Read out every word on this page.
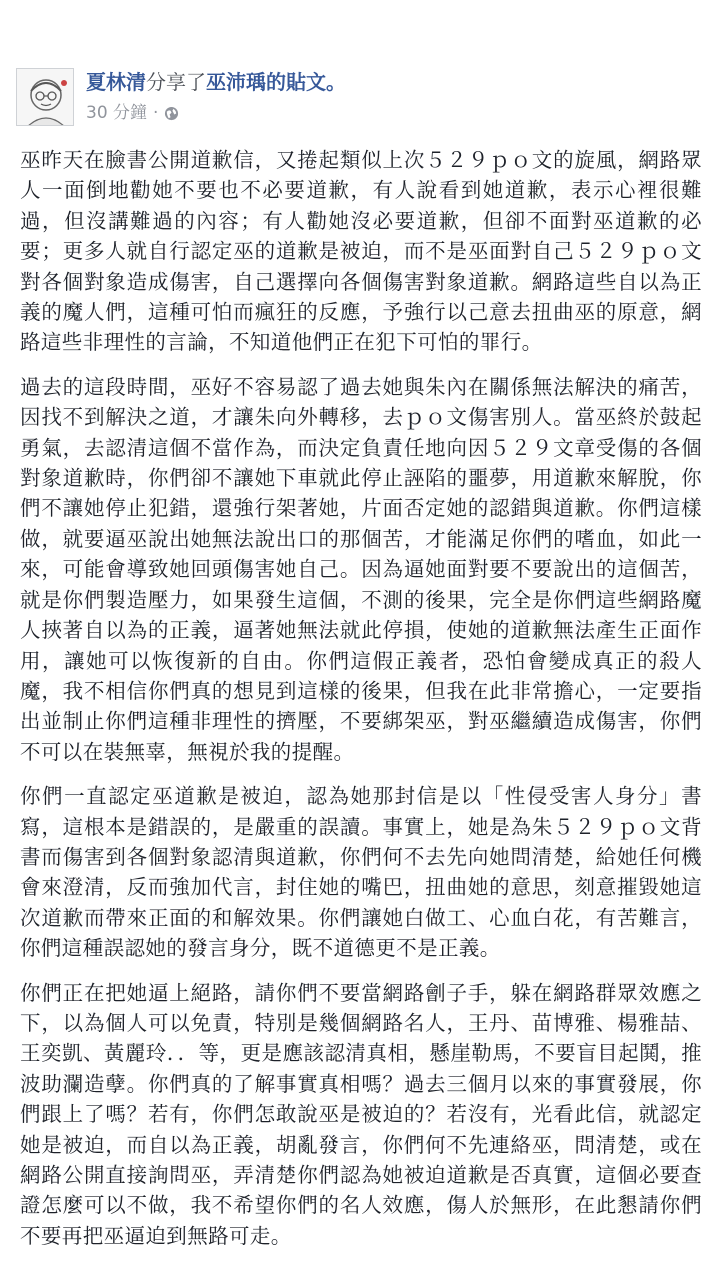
夏林清分享了巫沛瑀的貼文。
30 分鐘 ·

巫昨天在臉書公開道歉信，又捲起類似上次５２９ｐｏ文的旋風，網路眾人一面倒地勸她不要也不必要道歉，有人說看到她道歉，表示心裡很難過，但沒講難過的內容；有人勸她沒必要道歉，但卻不面對巫道歉的必要；更多人就自行認定巫的道歉是被迫，而不是巫面對自己５２９ｐｏ文對各個對象造成傷害，自己選擇向各個傷害對象道歉。網路這些自以為正義的魔人們，這種可怕而瘋狂的反應，予強行以己意去扭曲巫的原意，網路這些非理性的言論，不知道他們正在犯下可怕的罪行。

過去的這段時間，巫好不容易認了過去她與朱內在關係無法解決的痛苦，因找不到解決之道，才讓朱向外轉移，去ｐｏ文傷害別人。當巫終於鼓起勇氣，去認清這個不當作為，而決定負責任地向因５２９文章受傷的各個對象道歉時，你們卻不讓她下車就此停止誣陷的噩夢，用道歉來解脫，你們不讓她停止犯錯，還強行架著她，片面否定她的認錯與道歉。你們這樣做，就要逼巫說出她無法說出口的那個苦，才能滿足你們的嗜血，如此一來，可能會導致她回頭傷害她自己。因為逼她面對要不要說出的這個苦，就是你們製造壓力，如果發生這個，不測的後果，完全是你們這些網路魔人挾著自以為的正義，逼著她無法就此停損，使她的道歉無法產生正面作用，讓她可以恢復新的自由。你們這假正義者，恐怕會變成真正的殺人魔，我不相信你們真的想見到這樣的後果，但我在此非常擔心，一定要指出並制止你們這種非理性的擠壓，不要綁架巫，對巫繼續造成傷害，你們不可以在裝無辜，無視於我的提醒。

你們一直認定巫道歉是被迫，認為她那封信是以「性侵受害人身分」書寫，這根本是錯誤的，是嚴重的誤讀。事實上，她是為朱５２９ｐｏ文背書而傷害到各個對象認清與道歉，你們何不去先向她問清楚，給她任何機會來澄清，反而強加代言，封住她的嘴巴，扭曲她的意思，刻意摧毀她這次道歉而帶來正面的和解效果。你們讓她白做工、心血白花，有苦難言，你們這種誤認她的發言身分，既不道德更不是正義。

你們正在把她逼上絕路，請你們不要當網路劊子手，躲在網路群眾效應之下，以為個人可以免責，特別是幾個網路名人，王丹、苗博雅、楊雅喆、王奕凱、黃麗玲．．等，更是應該認清真相，懸崖勒馬，不要盲目起鬨，推波助瀾造孽。你們真的了解事實真相嗎？過去三個月以來的事實發展，你們跟上了嗎？若有，你們怎敢說巫是被迫的？若沒有，光看此信，就認定她是被迫，而自以為正義，胡亂發言，你們何不先連絡巫，問清楚，或在網路公開直接詢問巫，弄清楚你們認為她被迫道歉是否真實，這個必要查證怎麼可以不做，我不希望你們的名人效應，傷人於無形，在此懇請你們不要再把巫逼迫到無路可走。
